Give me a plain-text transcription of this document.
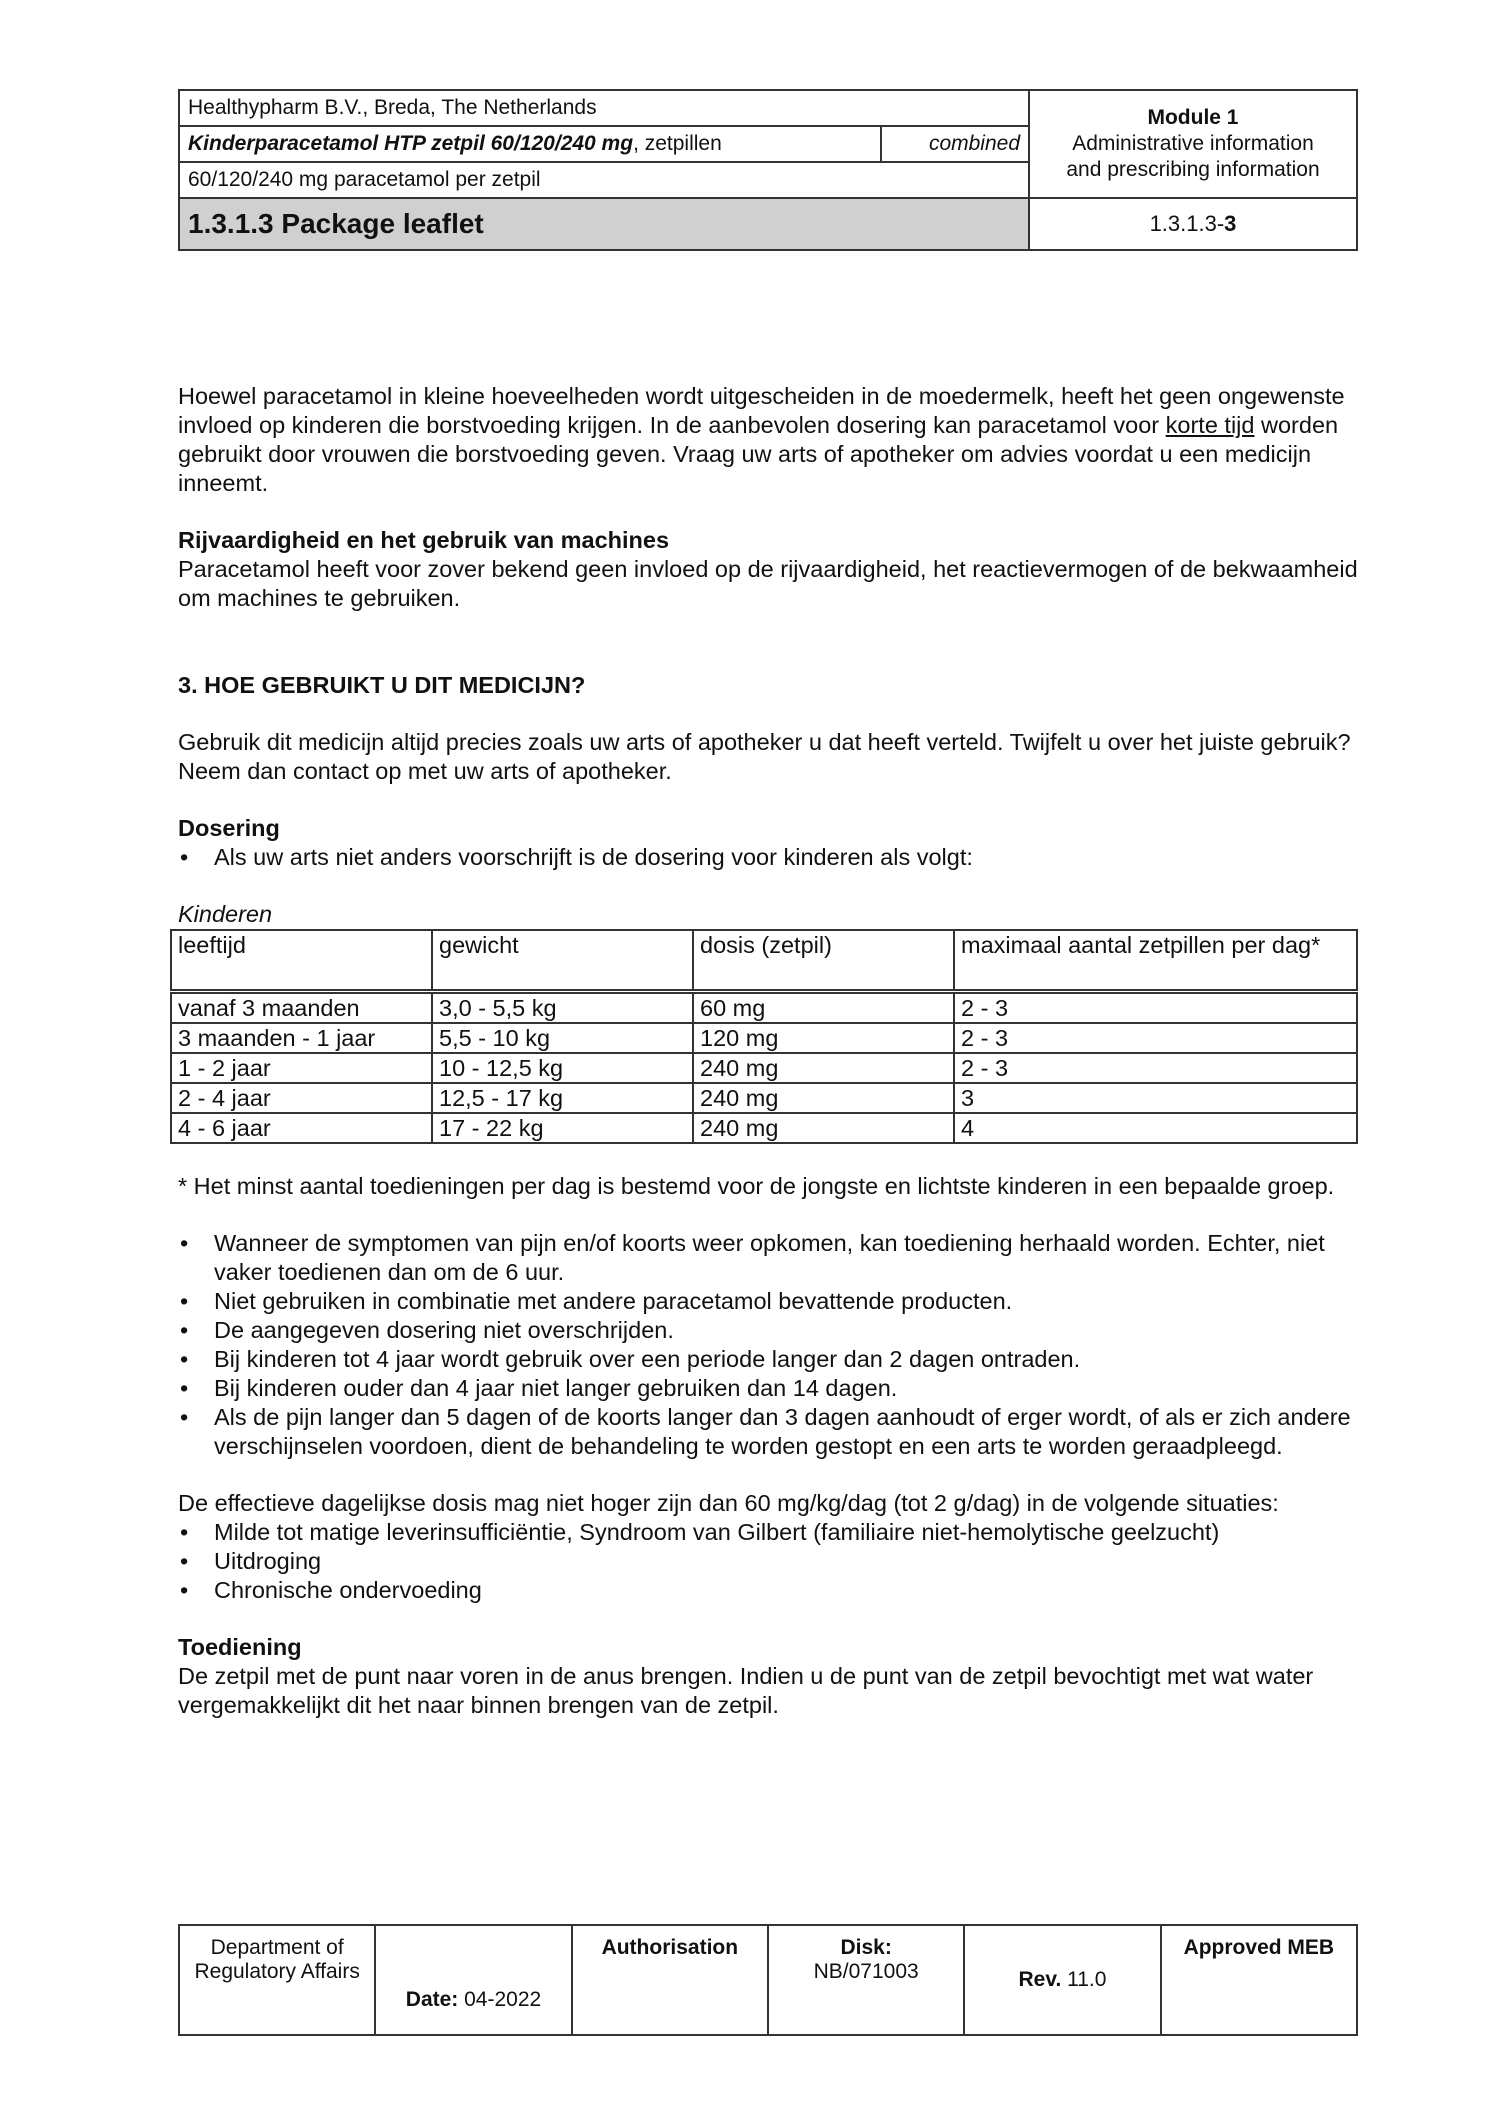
Healthypharm B.V., Breda, The Netherlands		Module 1
Administrative information
and prescribing information
Kinderparacetamol HTP zetpil 60/120/240 mg, zetpillen	combined	
60/120/240 mg paracetamol per zetpil		
1.3.1.3 Package leaflet		1.3.1.3-3

Hoewel paracetamol in kleine hoeveelheden wordt uitgescheiden in de moedermelk, heeft het geen ongewenste invloed op kinderen die borstvoeding krijgen. In de aanbevolen dosering kan paracetamol voor korte tijd worden gebruikt door vrouwen die borstvoeding geven. Vraag uw arts of apotheker om advies voordat u een medicijn inneemt.

Rijvaardigheid en het gebruik van machines

Paracetamol heeft voor zover bekend geen invloed op de rijvaardigheid, het reactievermogen of de bekwaamheid om machines te gebruiken.

3. HOE GEBRUIKT U DIT MEDICIJN?

Gebruik dit medicijn altijd precies zoals uw arts of apotheker u dat heeft verteld. Twijfelt u over het juiste gebruik? Neem dan contact op met uw arts of apotheker.

Dosering

• Als uw arts niet anders voorschrijft is de dosering voor kinderen als volgt:

Kinderen

leeftijd	gewicht	dosis (zetpil)	maximaal aantal zetpillen per dag*
vanaf 3 maanden	3,0 - 5,5 kg	60 mg	2 - 3
3 maanden - 1 jaar	5,5 - 10 kg	120 mg	2 - 3
1 - 2 jaar	10 - 12,5 kg	240 mg	2 - 3
2 - 4 jaar	12,5 - 17 kg	240 mg	3
4 - 6 jaar	17 - 22 kg	240 mg	4

* Het minst aantal toedieningen per dag is bestemd voor de jongste en lichtste kinderen in een bepaalde groep.

• Wanneer de symptomen van pijn en/of koorts weer opkomen, kan toediening herhaald worden. Echter, niet vaker toedienen dan om de 6 uur.
• Niet gebruiken in combinatie met andere paracetamol bevattende producten.
• De aangegeven dosering niet overschrijden.
• Bij kinderen tot 4 jaar wordt gebruik over een periode langer dan 2 dagen ontraden.
• Bij kinderen ouder dan 4 jaar niet langer gebruiken dan 14 dagen.
• Als de pijn langer dan 5 dagen of de koorts langer dan 3 dagen aanhoudt of erger wordt, of als er zich andere verschijnselen voordoen, dient de behandeling te worden gestopt en een arts te worden geraadpleegd.

De effectieve dagelijkse dosis mag niet hoger zijn dan 60 mg/kg/dag (tot 2 g/dag) in de volgende situaties:

• Milde tot matige leverinsufficiëntie, Syndroom van Gilbert (familiaire niet-hemolytische geelzucht)
• Uitdroging
• Chronische ondervoeding

Toediening

De zetpil met de punt naar voren in de anus brengen. Indien u de punt van de zetpil bevochtigt met wat water vergemakkelijkt dit het naar binnen brengen van de zetpil.

Department of Regulatory Affairs	Date: 04-2022	Authorisation	Disk:
NB/071003	Rev. 11.0	Approved MEB
